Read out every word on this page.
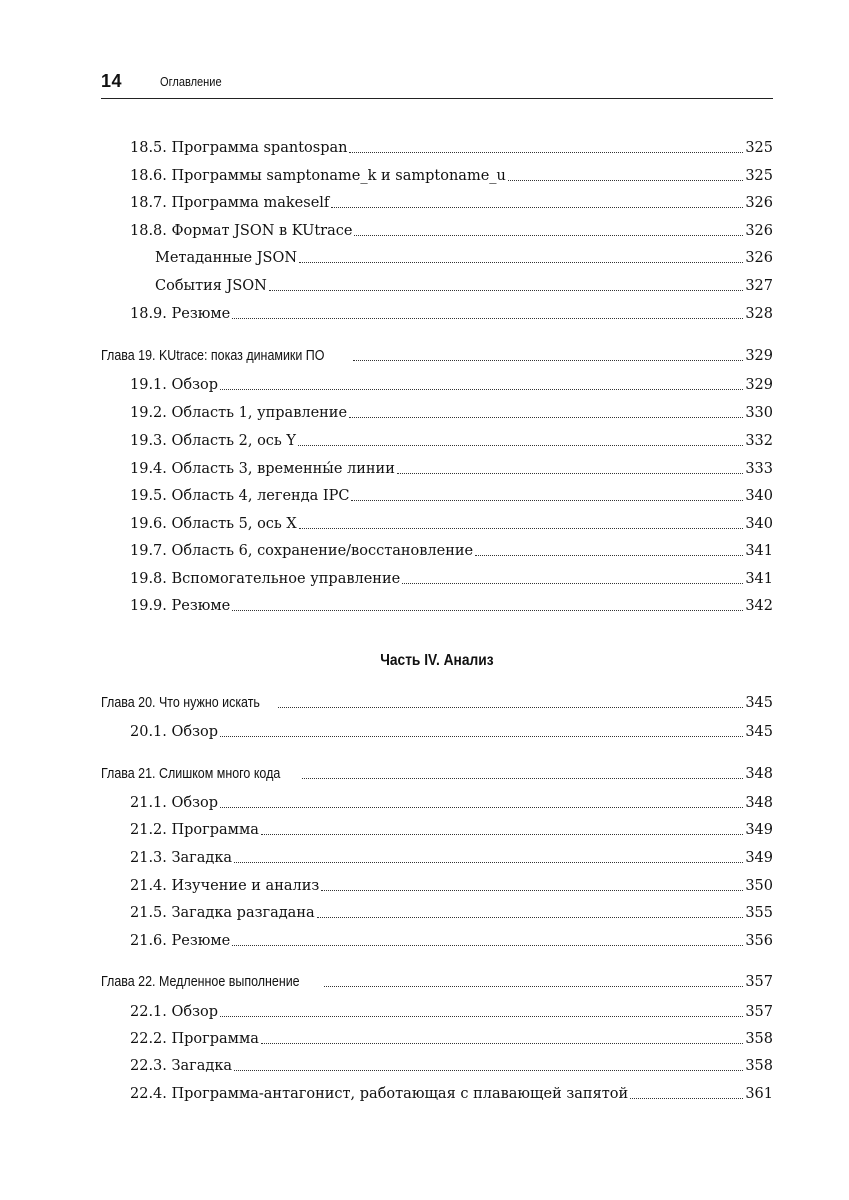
14	Оглавление
18.5. Программа spantospan	325
18.6. Программы samptoname_k и samptoname_u	325
18.7. Программа makeself	326
18.8. Формат JSON в KUtrace	326
Метаданные JSON	326
События JSON	327
18.9. Резюме	328
Глава 19. KUtrace: показ динамики ПО	329
19.1. Обзор	329
19.2. Область 1, управление	330
19.3. Область 2, ось Y	332
19.4. Область 3, временны́е линии	333
19.5. Область 4, легенда IPC	340
19.6. Область 5, ось X	340
19.7. Область 6, сохранение/восстановление	341
19.8. Вспомогательное управление	341
19.9. Резюме	342
Глава 20. Что нужно искать	345
20.1. Обзор	345
Глава 21. Слишком много кода	348
21.1. Обзор	348
21.2. Программа	349
21.3. Загадка	349
21.4. Изучение и анализ	350
21.5. Загадка разгадана	355
21.6. Резюме	356
Глава 22. Медленное выполнение	357
22.1. Обзор	357
22.2. Программа	358
22.3. Загадка	358
22.4. Программа-антагонист, работающая с плавающей запятой	361
Часть IV. Анализ
